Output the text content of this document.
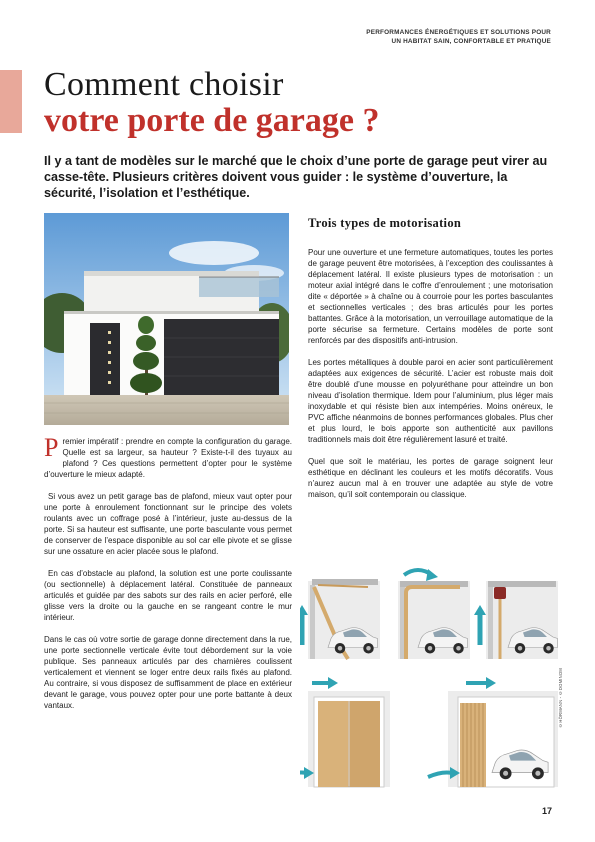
PERFORMANCES ÉNERGÉTIQUES ET SOLUTIONS POUR
UN HABITAT SAIN, CONFORTABLE ET PRATIQUE
Comment choisir
votre porte de garage ?
Il y a tant de modèles sur le marché que le choix d’une porte de garage peut virer au casse-tête. Plusieurs critères doivent vous guider : le système d’ouverture, la sécurité, l’isolation et l’esthétique.

Premier impératif : prendre en compte la configuration du garage. Quelle est sa largeur, sa hauteur ? Existe-t-il des tuyaux au plafond ? Ces questions permettent d’opter pour le système d’ouverture le mieux adapté.

Si vous avez un petit garage bas de plafond, mieux vaut opter pour une porte à enroulement fonctionnant sur le principe des volets roulants avec un coffrage posé à l’intérieur, juste au-dessus de la porte. Si sa hauteur est suffisante, une porte basculante vous permet de conserver de l’espace disponible au sol car elle pivote et se glisse sur une ossature en acier placée sous le plafond.

En cas d’obstacle au plafond, la solution est une porte coulissante (ou sectionnelle) à déplacement latéral. Constituée de panneaux articulés et guidée par des sabots sur des rails en acier perforé, elle glisse vers la droite ou la gauche en se rangeant contre le mur intérieur.

Dans le cas où votre sortie de garage donne directement dans la rue, une porte sectionnelle verticale évite tout débordement sur la voie publique. Ses panneaux articulés par des charnières coulissent verticalement et viennent se loger entre deux rails fixés au plafond. Au contraire, si vous disposez de suffisamment de place en extérieur devant le garage, vous pouvez opter pour une porte battante à deux vantaux.

Trois types de motorisation

Pour une ouverture et une fermeture automatiques, toutes les portes de garage peuvent être motorisées, à l’exception des coulissantes à déplacement latéral. Il existe plusieurs types de motorisation : un moteur axial intégré dans le coffre d’enroulement ; une motorisation dite « déportée » à chaîne ou à courroie pour les portes basculantes et sectionnelles verticales ; des bras articulés pour les portes battantes. Grâce à la motorisation, un verrouillage automatique de la porte sécurise sa fermeture. Certains modèles de porte sont renforcés par des dispositifs anti-intrusion.

Les portes métalliques à double paroi en acier sont particulièrement adaptées aux exigences de sécurité. L’acier est robuste mais doit être doublé d’une mousse en polyuréthane pour atteindre un bon niveau d’isolation thermique. Idem pour l’aluminium, plus léger mais inoxydable et qui résiste bien aux intempéries. Moins onéreux, le PVC affiche néanmoins de bonnes performances globales. Plus cher et plus lourd, le bois apporte son authenticité aux pavillons traditionnels mais doit être régulièrement lasuré et traité.

Quel que soit le matériau, les portes de garage soignent leur esthétique en déclinant les couleurs et les motifs décoratifs. Vous n’aurez aucun mal à en trouver une adaptée au style de votre maison, qu’il soit contemporain ou classique.

©HÖRMANN - ©DOMINOM
17
